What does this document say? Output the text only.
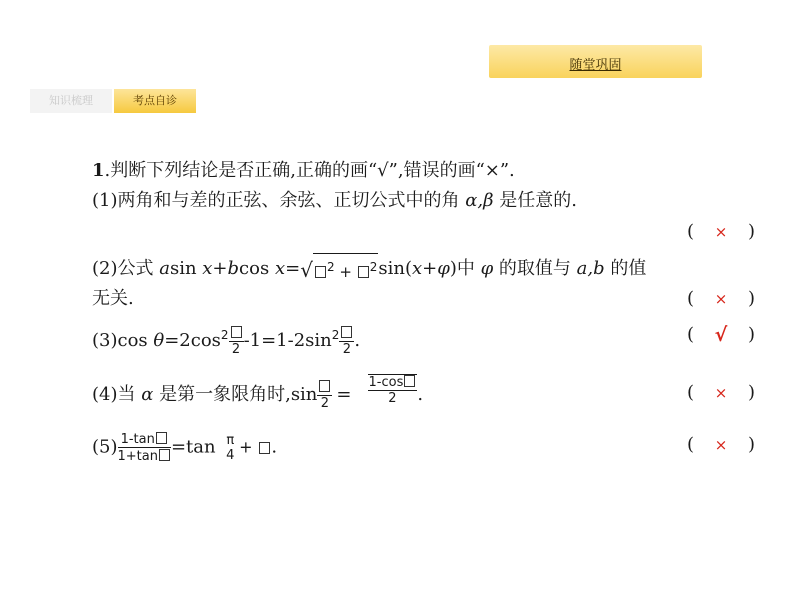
随堂巩固
知识梳理	考点自诊
1.判断下列结论是否正确,正确的画“√”,错误的画“×”.
(1)两角和与差的正弦、余弦、正切公式中的角 α,β 是任意的.
(	×	)
(2)公式 asin x+bcos x=√ $^2$ + $^2$sin(x+φ)中 φ 的取值与 a,b 的值
无关.	(	×	)
(3)cos $\theta=2\cos^2$
2 $-1=1-2\sin^2$
2 .	(	√	)
(4)当 α 是第一象限角时,sin $2 = \frac{1-\cos}{2}$ .	(	×	)
$(5) \frac{1-\tan}{1+\tan} =\tan$ π
4 + .	(	×	)
